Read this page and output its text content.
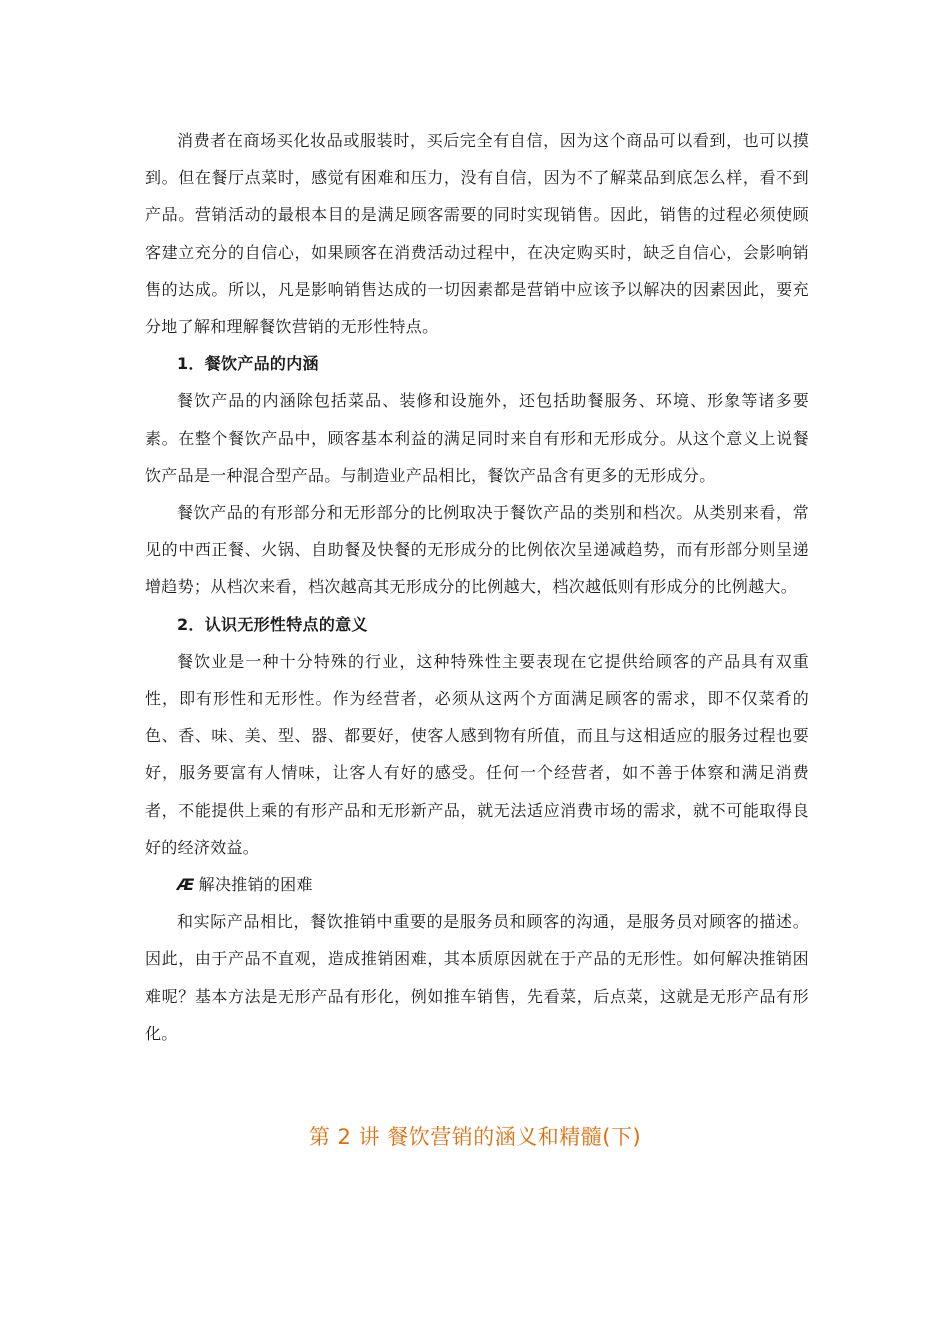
消费者在商场买化妆品或服装时，买后完全有自信，因为这个商品可以看到，也可以摸到。但在餐厅点菜时，感觉有困难和压力，没有自信，因为不了解菜品到底怎么样，看不到产品。营销活动的最根本目的是满足顾客需要的同时实现销售。因此，销售的过程必须使顾客建立充分的自信心，如果顾客在消费活动过程中，在决定购买时，缺乏自信心，会影响销售的达成。所以，凡是影响销售达成的一切因素都是营销中应该予以解决的因素因此，要充分地了解和理解餐饮营销的无形性特点。

1．餐饮产品的内涵

餐饮产品的内涵除包括菜品、装修和设施外，还包括助餐服务、环境、形象等诸多要素。在整个餐饮产品中，顾客基本利益的满足同时来自有形和无形成分。从这个意义上说餐饮产品是一种混合型产品。与制造业产品相比，餐饮产品含有更多的无形成分。

餐饮产品的有形部分和无形部分的比例取决于餐饮产品的类别和档次。从类别来看，常见的中西正餐、火锅、自助餐及快餐的无形成分的比例依次呈递减趋势，而有形部分则呈递增趋势；从档次来看，档次越高其无形成分的比例越大，档次越低则有形成分的比例越大。

2．认识无形性特点的意义

餐饮业是一种十分特殊的行业，这种特殊性主要表现在它提供给顾客的产品具有双重性，即有形性和无形性。作为经营者，必须从这两个方面满足顾客的需求，即不仅菜肴的色、香、味、美、型、器、都要好，使客人感到物有所值，而且与这相适应的服务过程也要好，服务要富有人情味，让客人有好的感受。任何一个经营者，如不善于体察和满足消费者，不能提供上乘的有形产品和无形新产品，就无法适应消费市场的需求，就不可能取得良好的经济效益。

Æ 解决推销的困难

和实际产品相比，餐饮推销中重要的是服务员和顾客的沟通，是服务员对顾客的描述。因此，由于产品不直观，造成推销困难，其本质原因就在于产品的无形性。如何解决推销困难呢？基本方法是无形产品有形化，例如推车销售，先看菜，后点菜，这就是无形产品有形化。

第 2 讲 餐饮营销的涵义和精髓(下)
